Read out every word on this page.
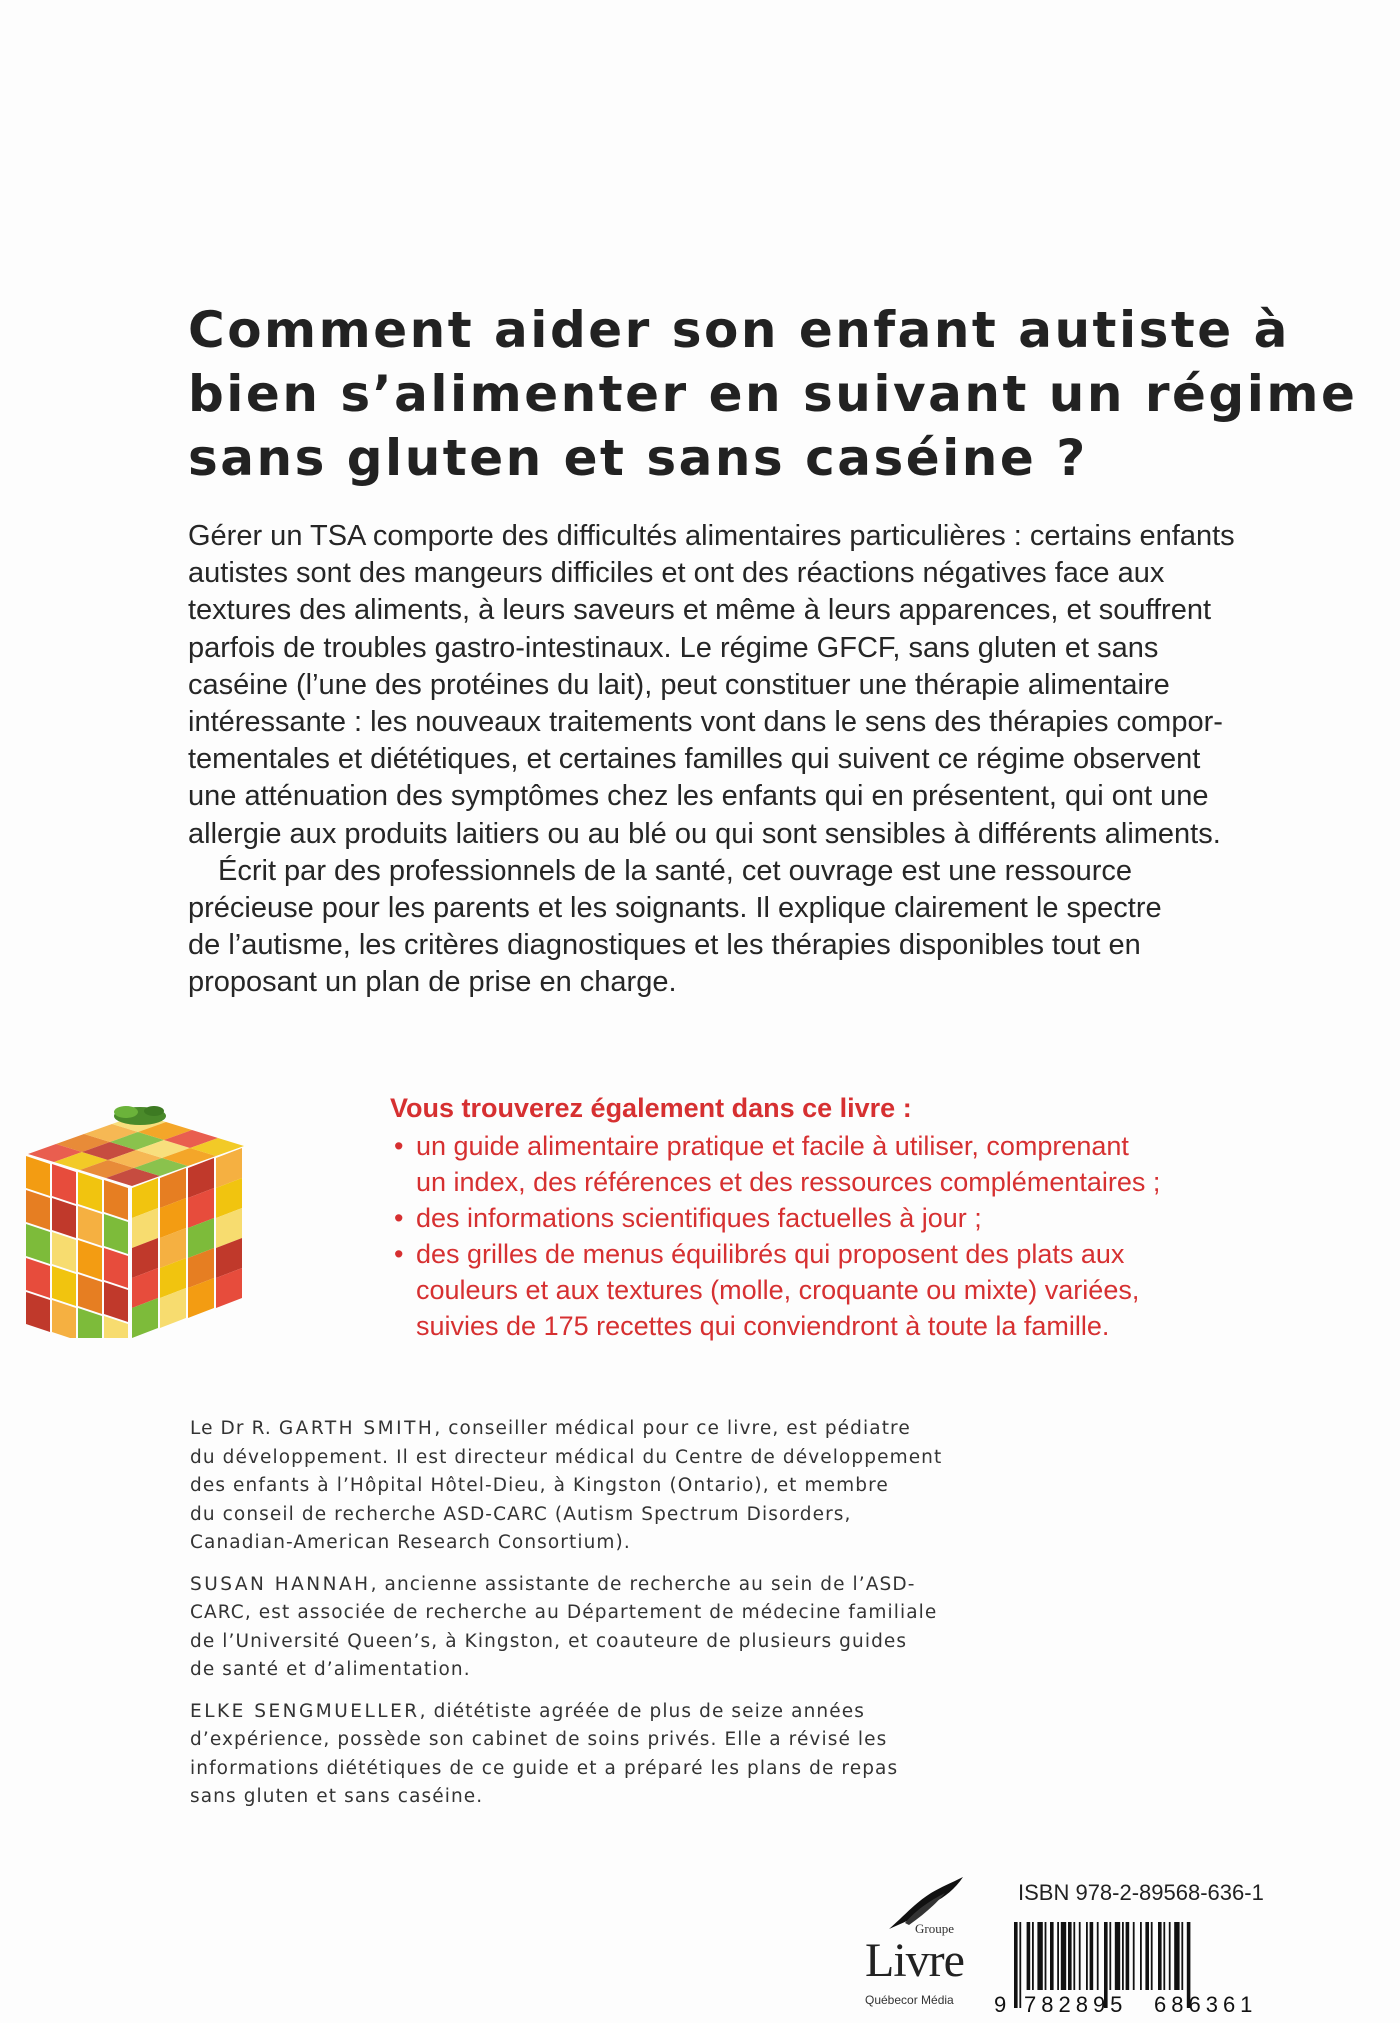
Comment aider son enfant autiste à
bien s’alimenter en suivant un régime
sans gluten et sans caséine ?

Gérer un TSA comporte des difficultés alimentaires particulières : certains enfants
autistes sont des mangeurs difficiles et ont des réactions négatives face aux
textures des aliments, à leurs saveurs et même à leurs apparences, et souffrent
parfois de troubles gastro-intestinaux. Le régime GFCF, sans gluten et sans
caséine (l’une des protéines du lait), peut constituer une thérapie alimentaire
intéressante : les nouveaux traitements vont dans le sens des thérapies compor-
tementales et diététiques, et certaines familles qui suivent ce régime observent
une atténuation des symptômes chez les enfants qui en présentent, qui ont une
allergie aux produits laitiers ou au blé ou qui sont sensibles à différents aliments.

Écrit par des professionnels de la santé, cet ouvrage est une ressource
précieuse pour les parents et les soignants. Il explique clairement le spectre
de l’autisme, les critères diagnostiques et les thérapies disponibles tout en
proposant un plan de prise en charge.

Vous trouverez également dans ce livre :
• un guide alimentaire pratique et facile à utiliser, comprenant
un index, des références et des ressources complémentaires ;
• des informations scientifiques factuelles à jour ;
• des grilles de menus équilibrés qui proposent des plats aux
couleurs et aux textures (molle, croquante ou mixte) variées,
suivies de 175 recettes qui conviendront à toute la famille.

Le Dr R. GARTH SMITH, conseiller médical pour ce livre, est pédiatre
du développement. Il est directeur médical du Centre de développement
des enfants à l’Hôpital Hôtel-Dieu, à Kingston (Ontario), et membre
du conseil de recherche ASD-CARC (Autism Spectrum Disorders,
Canadian-American Research Consortium).

SUSAN HANNAH, ancienne assistante de recherche au sein de l’ASD-
CARC, est associée de recherche au Département de médecine familiale
de l’Université Queen’s, à Kingston, et coauteure de plusieurs guides
de santé et d’alimentation.

ELKE SENGMUELLER, diététiste agréée de plus de seize années
d’expérience, possède son cabinet de soins privés. Elle a révisé les
informations diététiques de ce guide et a préparé les plans de repas
sans gluten et sans caséine.

Groupe
Livre
Québecor Média
ISBN 978-2-89568-636-1
9 782895 686361
